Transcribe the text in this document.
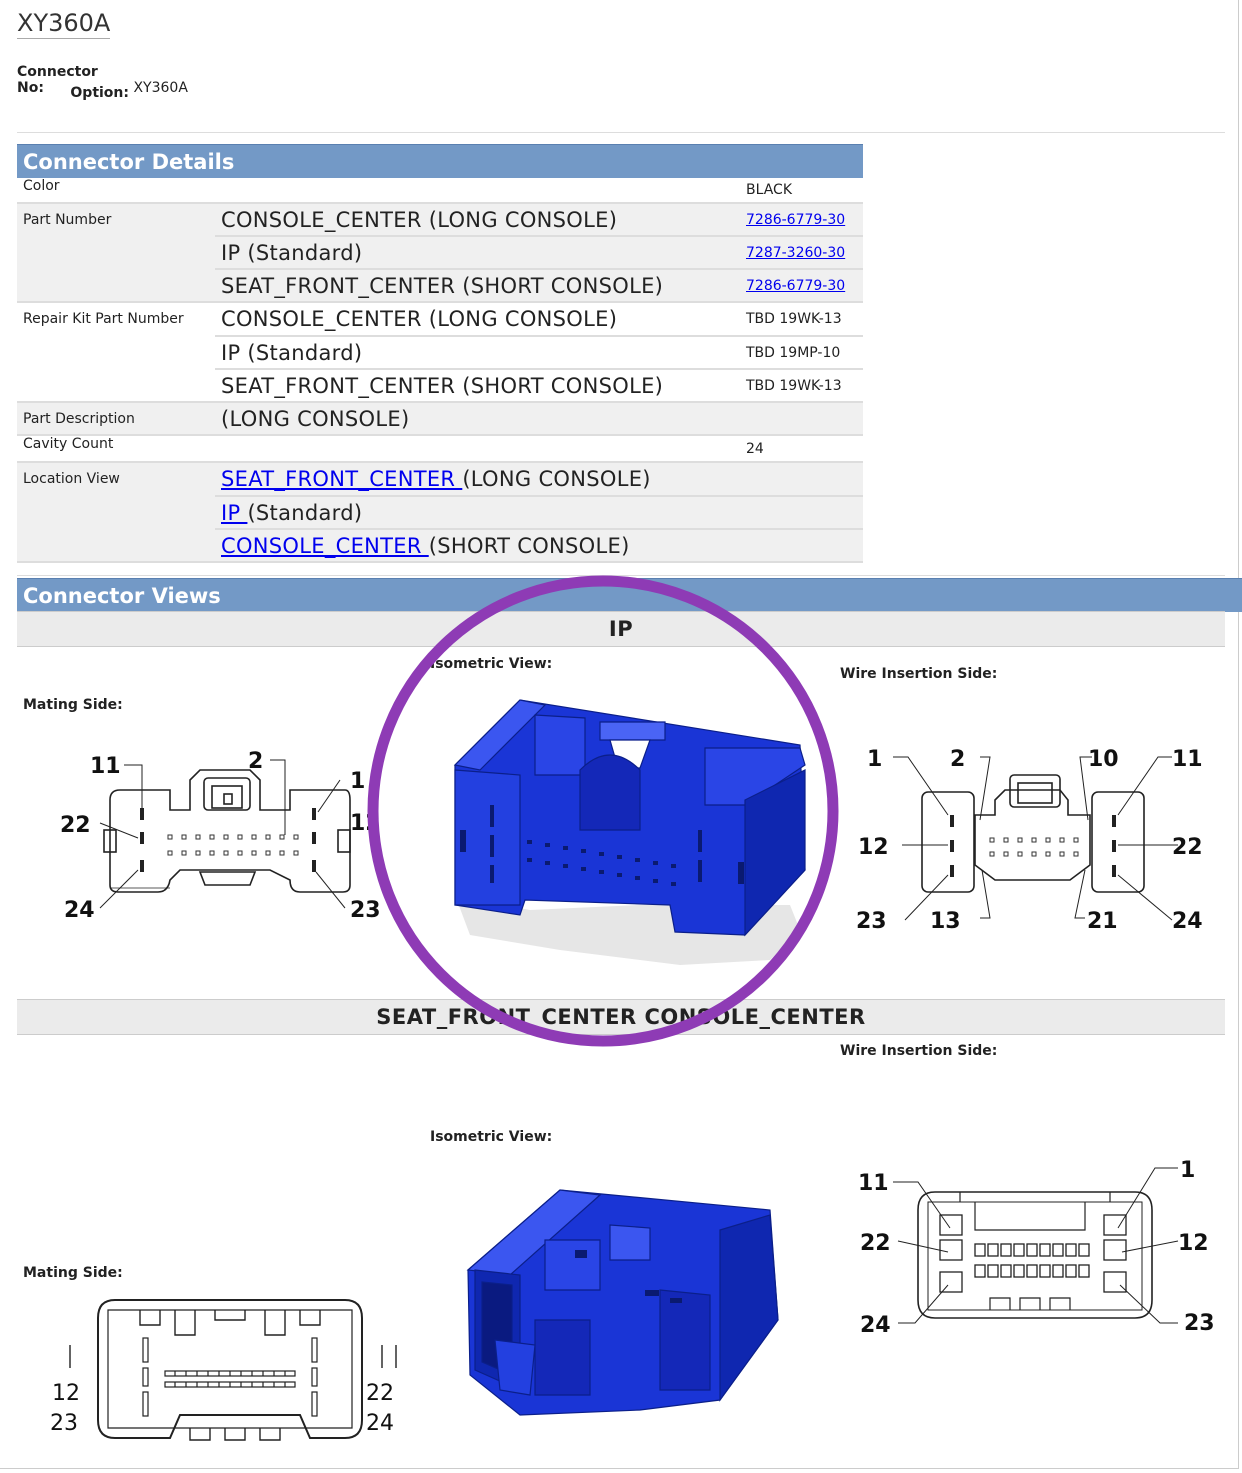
XY360A
Connector No:	XY360A
Option:
Connector Details
Color		BLACK
Part Number	CONSOLE_CENTER (LONG CONSOLE)	7286-6779-30
	IP (Standard)	7287-3260-30
	SEAT_FRONT_CENTER (SHORT CONSOLE)	7286-6779-30
Repair Kit Part Number	CONSOLE_CENTER (LONG CONSOLE)	TBD 19WK-13
	IP (Standard)	TBD 19MP-10
	SEAT_FRONT_CENTER (SHORT CONSOLE)	TBD 19WK-13
Part Description	(LONG CONSOLE)	
Cavity Count		24
Location View	SEAT_FRONT_CENTER (LONG CONSOLE)	
	IP (Standard)	
	CONSOLE_CENTER (SHORT CONSOLE)	
Connector Views
IP
Mating Side:
Isometric View:
Wire Insertion Side:
11	2
1
22	12
24	23
1	2	10 11
12	22
23 13	21 24
SEAT_FRONT_CENTER CONSOLE_CENTER
Mating Side:
Isometric View:
Wire Insertion Side:
12
23
22
24
11
1
22	12
24	23
